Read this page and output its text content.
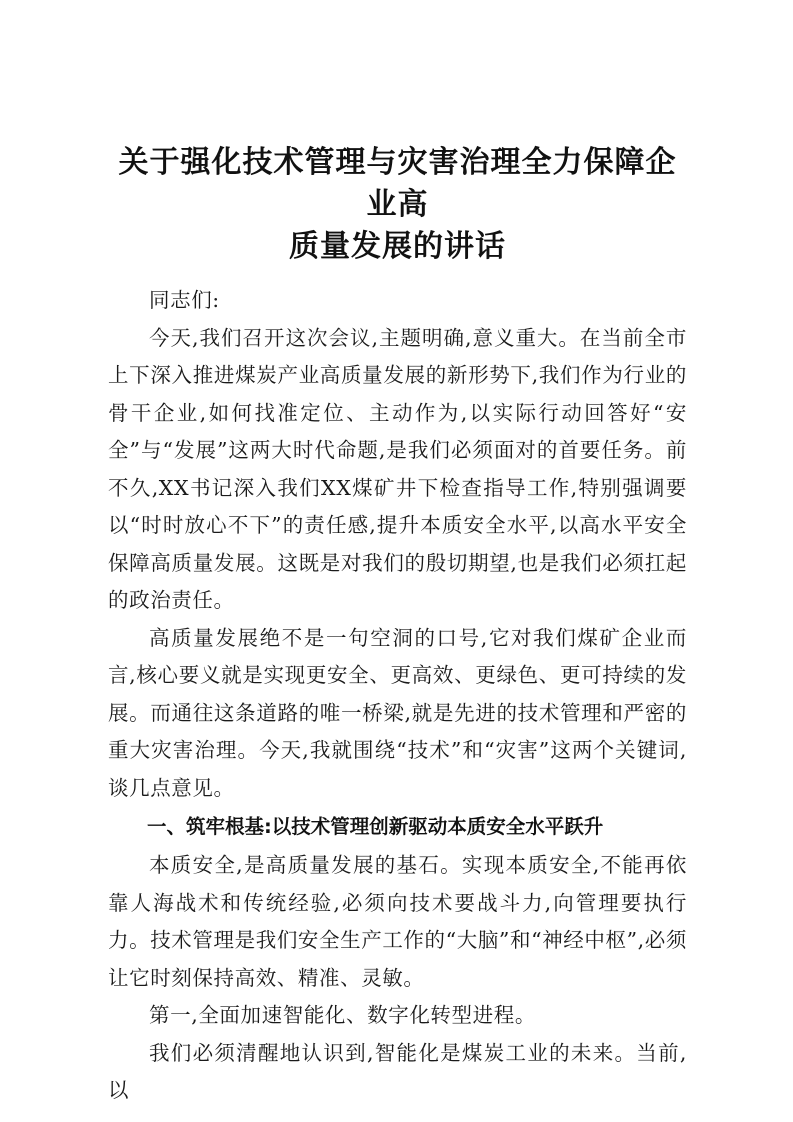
关于强化技术管理与灾害治理全力保障企业高
质量发展的讲话

同志们:

今天,我们召开这次会议,主题明确,意义重大。在当前全市上下深入推进煤炭产业高质量发展的新形势下,我们作为行业的骨干企业,如何找准定位、主动作为,以实际行动回答好“安全”与“发展”这两大时代命题,是我们必须面对的首要任务。前不久,XX书记深入我们XX煤矿井下检查指导工作,特别强调要以“时时放心不下”的责任感,提升本质安全水平,以高水平安全保障高质量发展。这既是对我们的殷切期望,也是我们必须扛起的政治责任。

高质量发展绝不是一句空洞的口号,它对我们煤矿企业而言,核心要义就是实现更安全、更高效、更绿色、更可持续的发展。而通往这条道路的唯一桥梁,就是先进的技术管理和严密的重大灾害治理。今天,我就围绕“技术”和“灾害”这两个关键词,谈几点意见。

一、筑牢根基:以技术管理创新驱动本质安全水平跃升

本质安全,是高质量发展的基石。实现本质安全,不能再依靠人海战术和传统经验,必须向技术要战斗力,向管理要执行力。技术管理是我们安全生产工作的“大脑”和“神经中枢”,必须让它时刻保持高效、精准、灵敏。

第一,全面加速智能化、数字化转型进程。

我们必须清醒地认识到,智能化是煤炭工业的未来。当前,以
